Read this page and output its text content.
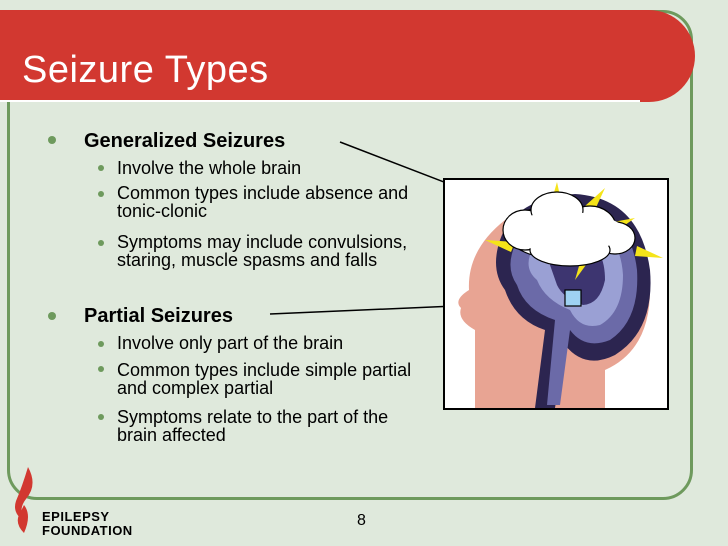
Seizure Types
Generalized Seizures
Involve the whole brain
Common types include absence and tonic-clonic
Symptoms may include convulsions, staring, muscle spasms and falls
Partial Seizures
Involve only part of the brain
Common types include simple partial and complex partial
Symptoms relate to the part of the brain affected
8
EPILEPSY
FOUNDATION
